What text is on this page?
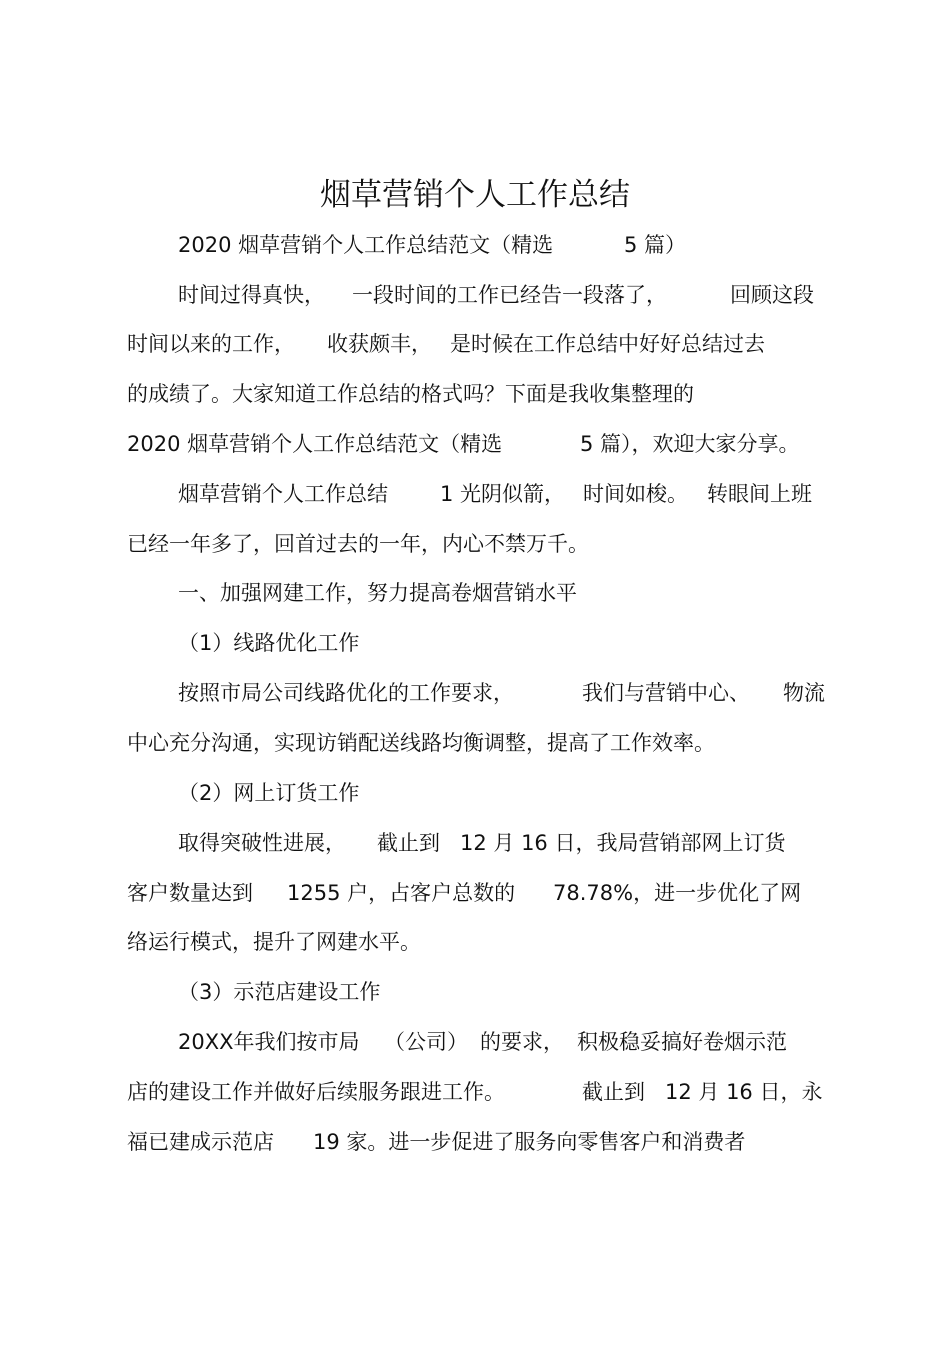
烟草营销个人工作总结
2020 烟草营销个人工作总结范文（精选	5 篇）
时间过得真快， 一段时间的工作已经告一段落了，	回顾这段
时间以来的工作， 收获颇丰， 是时候在工作总结中好好总结过去
的成绩了。大家知道工作总结的格式吗？下面是我收集整理的
2020 烟草营销个人工作总结范文（精选	5 篇），欢迎大家分享。
烟草营销个人工作总结 1 光阴似箭， 时间如梭。 转眼间上班
已经一年多了，回首过去的一年，内心不禁万千。
一、加强网建工作，努力提高卷烟营销水平
（1）线路优化工作
按照市局公司线路优化的工作要求，	我们与营销中心、 物流
中心充分沟通，实现访销配送线路均衡调整，提高了工作效率。
（2）网上订货工作
取得突破性进展， 截止到 12 月 16 日，我局营销部网上订货
客户数量达到 1255 户，占客户总数的 78.78%，进一步优化了网
络运行模式，提升了网建水平。
（3）示范店建设工作
20XX年我们按市局 （公司） 的要求， 积极稳妥搞好卷烟示范
店的建设工作并做好后续服务跟进工作。	截止到 12 月 16 日，永
福已建成示范店 19 家。进一步促进了服务向零售客户和消费者
